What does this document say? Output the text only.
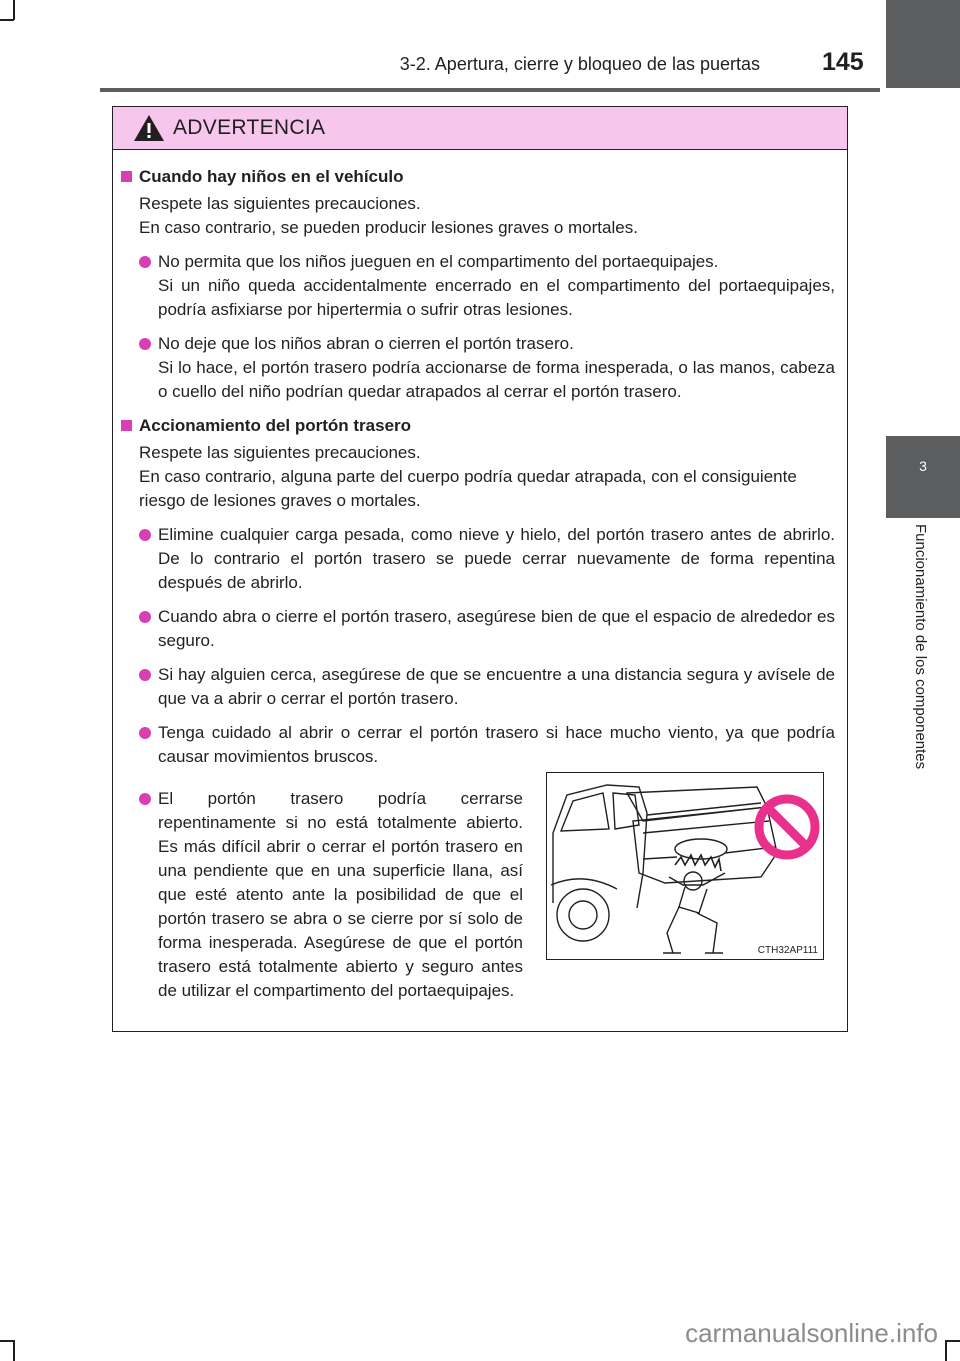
3-2. Apertura, cierre y bloqueo de las puertas 145
3
Funcionamiento de los componentes
ADVERTENCIA
Cuando hay niños en el vehículo
Respete las siguientes precauciones.
En caso contrario, se pueden producir lesiones graves o mortales.
No permita que los niños jueguen en el compartimento del portaequipajes.
Si un niño queda accidentalmente encerrado en el compartimento del portaequipajes, podría asfixiarse por hipertermia o sufrir otras lesiones.
No deje que los niños abran o cierren el portón trasero.
Si lo hace, el portón trasero podría accionarse de forma inesperada, o las manos, cabeza o cuello del niño podrían quedar atrapados al cerrar el portón trasero.
Accionamiento del portón trasero
Respete las siguientes precauciones.
En caso contrario, alguna parte del cuerpo podría quedar atrapada, con el consiguiente riesgo de lesiones graves o mortales.
Elimine cualquier carga pesada, como nieve y hielo, del portón trasero antes de abrirlo. De lo contrario el portón trasero se puede cerrar nuevamente de forma repentina después de abrirlo.
Cuando abra o cierre el portón trasero, asegúrese bien de que el espacio de alrededor es seguro.
Si hay alguien cerca, asegúrese de que se encuentre a una distancia segura y avísele de que va a abrir o cerrar el portón trasero.
Tenga cuidado al abrir o cerrar el portón trasero si hace mucho viento, ya que podría causar movimientos bruscos.
El portón trasero podría cerrarse repentinamente si no está totalmente abierto. Es más difícil abrir o cerrar el portón trasero en una pendiente que en una superficie llana, así que esté atento ante la posibilidad de que el portón trasero se abra o se cierre por sí solo de forma inesperada. Asegúrese de que el portón trasero está totalmente abierto y seguro antes de utilizar el compartimento del portaequipajes.
CTH32AP111
carmanualsonline.info
